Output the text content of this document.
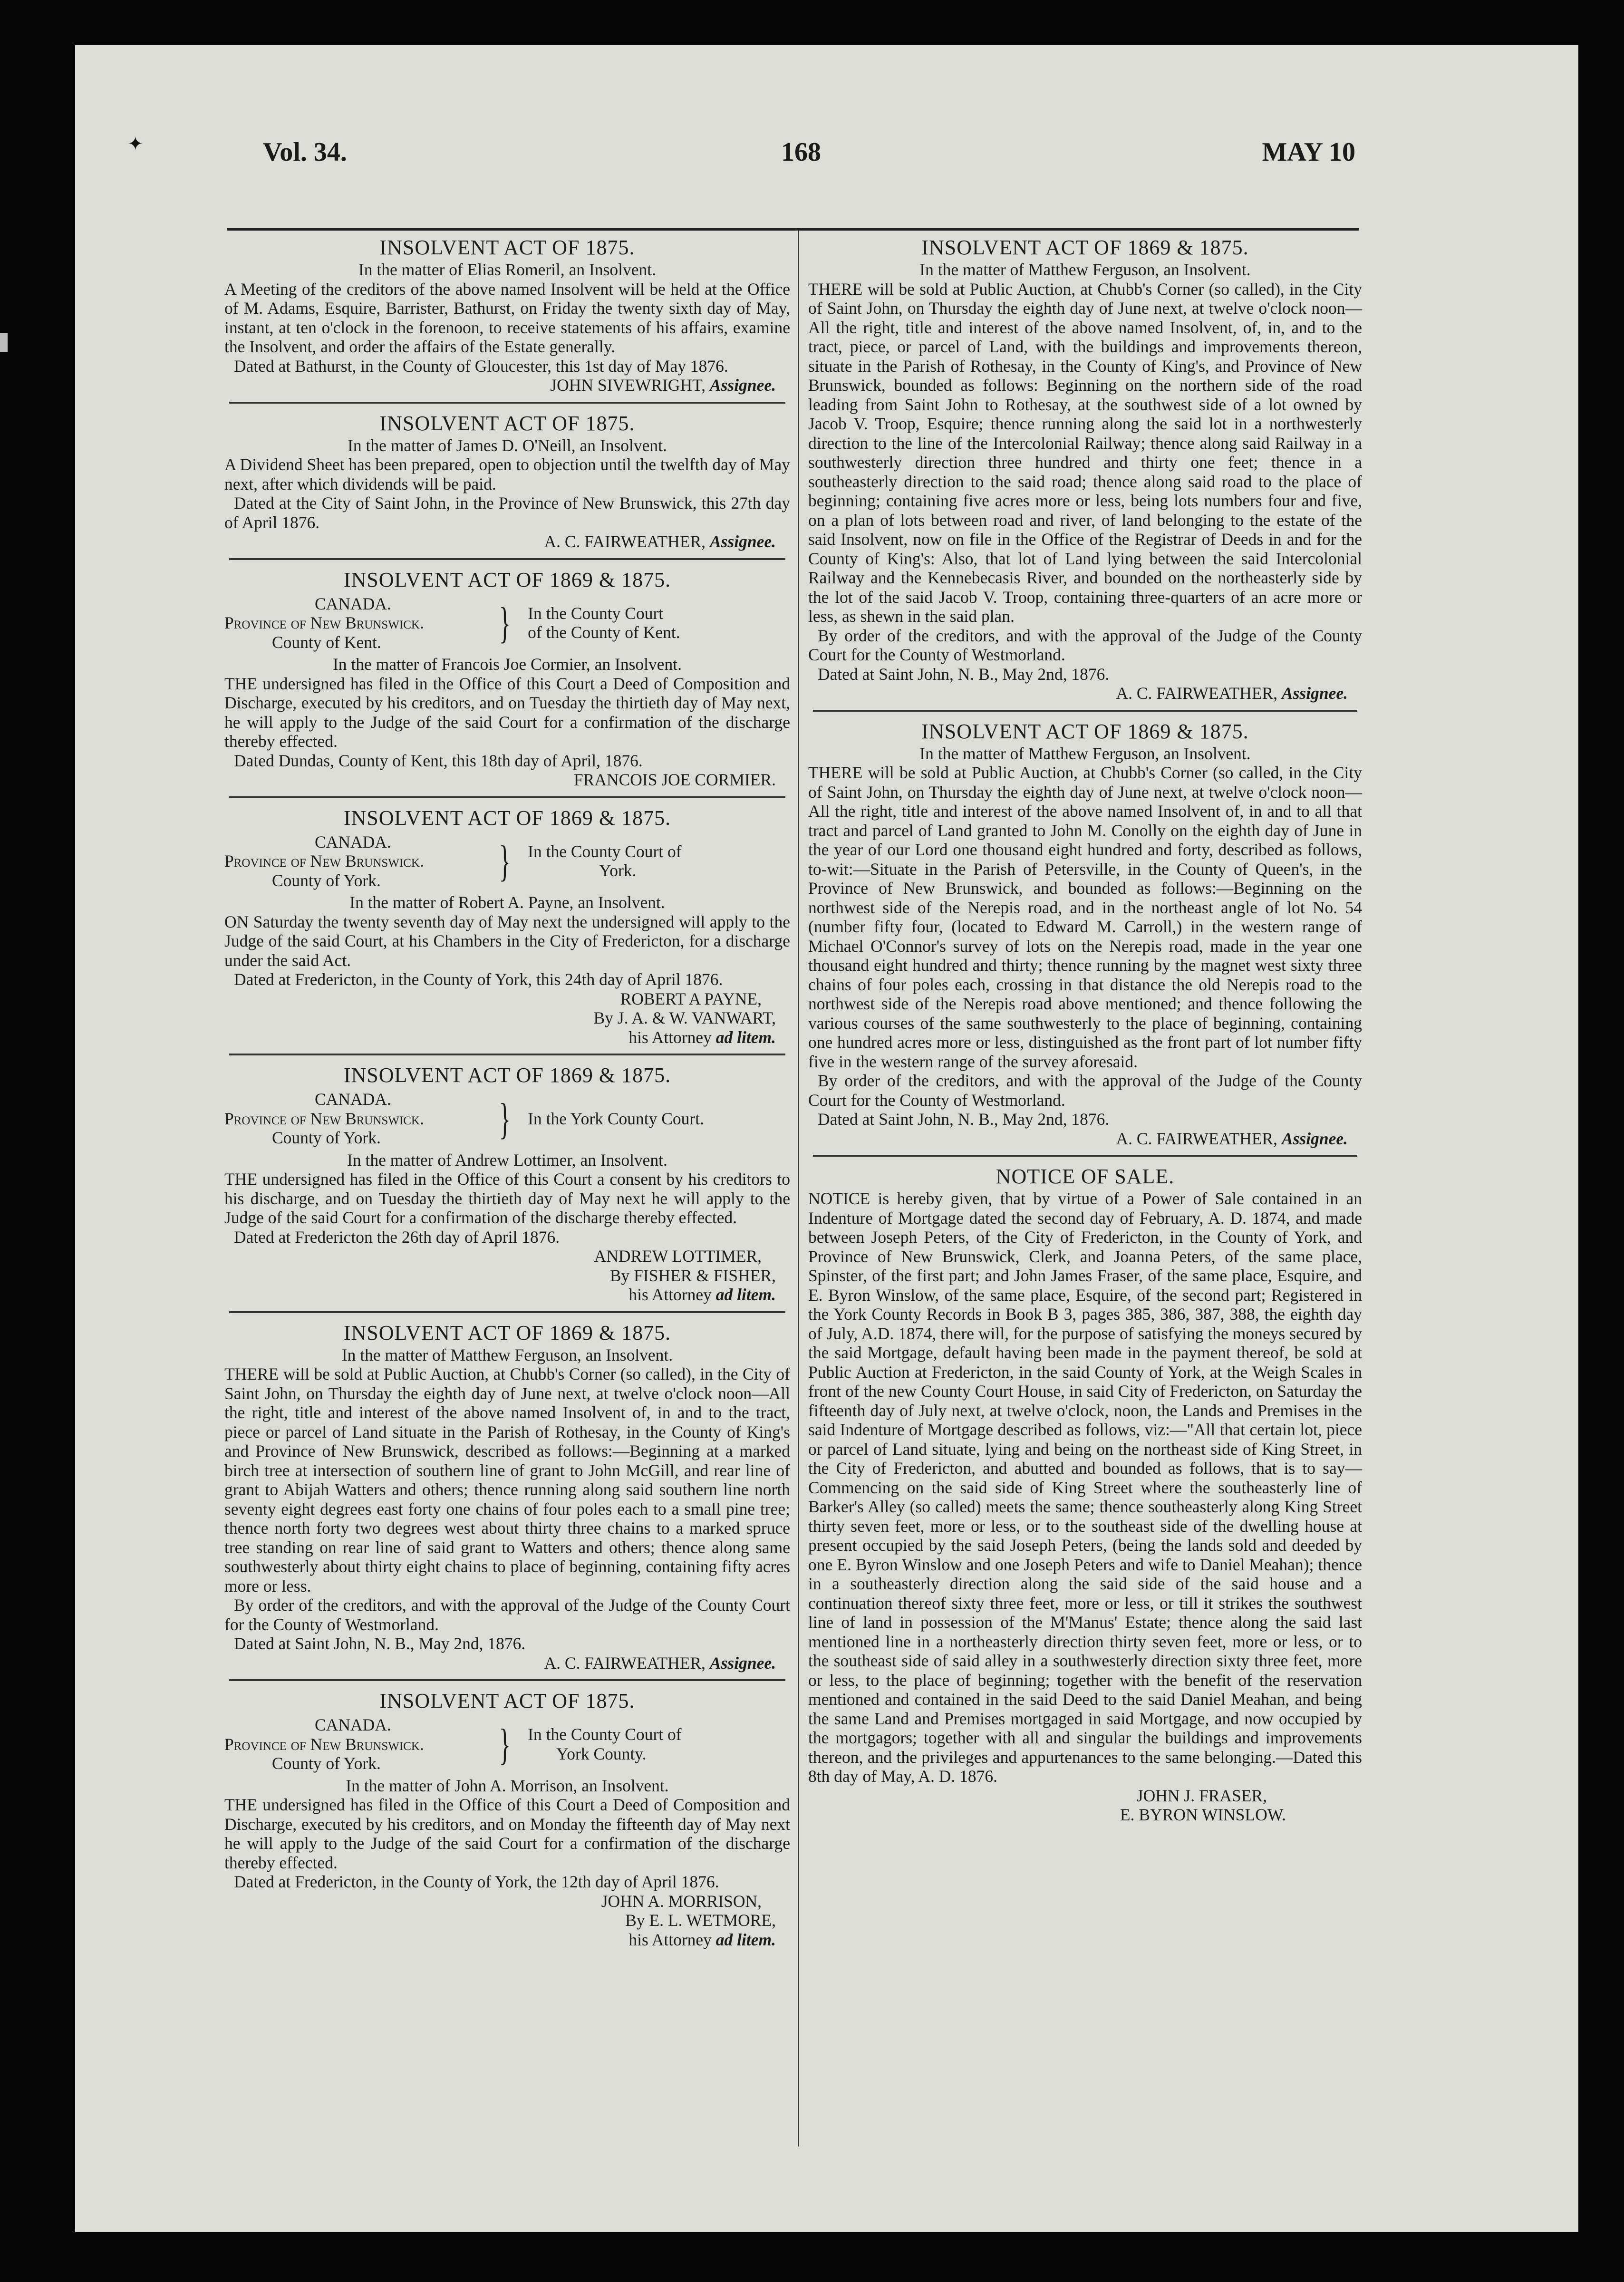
✦	Vol. 34.	168	MAY 10
INSOLVENT ACT OF 1875.
In the matter of Elias Romeril, an Insolvent.
A Meeting of the creditors of the above named Insolvent will be held at the Office of M. Adams, Esquire, Barrister, Bathurst, on Friday the twenty sixth day of May, instant, at ten o'clock in the forenoon, to receive statements of his affairs, examine the Insolvent, and order the affairs of the Estate generally.
Dated at Bathurst, in the County of Gloucester, this 1st day of May 1876.
JOHN SIVEWRIGHT, Assignee.
INSOLVENT ACT OF 1875.
In the matter of James D. O'Neill, an Insolvent.
A Dividend Sheet has been prepared, open to objection until the twelfth day of May next, after which dividends will be paid.
Dated at the City of Saint John, in the Province of New Brunswick, this 27th day of April 1876.
A. C. FAIRWEATHER, Assignee.
INSOLVENT ACT OF 1869 & 1875.
CANADA.
Province of New Brunswick.
County of Kent.	}	In the County Court
of the County of Kent.
In the matter of Francois Joe Cormier, an Insolvent.
THE undersigned has filed in the Office of this Court a Deed of Composition and Discharge, executed by his creditors, and on Tuesday the thirtieth day of May next, he will apply to the Judge of the said Court for a confirmation of the discharge thereby effected.
Dated Dundas, County of Kent, this 18th day of April, 1876.
FRANCOIS JOE CORMIER.
INSOLVENT ACT OF 1869 & 1875.
CANADA.
Province of New Brunswick.
County of York.	}	In the County Court of
York.
In the matter of Robert A. Payne, an Insolvent.
ON Saturday the twenty seventh day of May next the undersigned will apply to the Judge of the said Court, at his Chambers in the City of Fredericton, for a discharge under the said Act.
Dated at Fredericton, in the County of York, this 24th day of April 1876.
ROBERT A PAYNE,
By J. A. & W. VANWART,
his Attorney ad litem.
INSOLVENT ACT OF 1869 & 1875.
CANADA.
Province of New Brunswick.
County of York.	}	In the York County Court.
In the matter of Andrew Lottimer, an Insolvent.
THE undersigned has filed in the Office of this Court a consent by his creditors to his discharge, and on Tuesday the thirtieth day of May next he will apply to the Judge of the said Court for a confirmation of the discharge thereby effected.
Dated at Fredericton the 26th day of April 1876.
ANDREW LOTTIMER,
By FISHER & FISHER,
his Attorney ad litem.
INSOLVENT ACT OF 1869 & 1875.
In the matter of Matthew Ferguson, an Insolvent.
THERE will be sold at Public Auction, at Chubb's Corner (so called), in the City of Saint John, on Thursday the eighth day of June next, at twelve o'clock noon—All the right, title and interest of the above named Insolvent of, in and to the tract, piece or parcel of Land situate in the Parish of Rothesay, in the County of King's and Province of New Brunswick, described as follows:—Beginning at a marked birch tree at intersection of southern line of grant to John McGill, and rear line of grant to Abijah Watters and others; thence running along said southern line north seventy eight degrees east forty one chains of four poles each to a small pine tree; thence north forty two degrees west about thirty three chains to a marked spruce tree standing on rear line of said grant to Watters and others; thence along same southwesterly about thirty eight chains to place of beginning, containing fifty acres more or less.
By order of the creditors, and with the approval of the Judge of the County Court for the County of Westmorland.
Dated at Saint John, N. B., May 2nd, 1876.
A. C. FAIRWEATHER, Assignee.
INSOLVENT ACT OF 1875.
CANADA.
Province of New Brunswick.
County of York.	}	In the County Court of
York County.
In the matter of John A. Morrison, an Insolvent.
THE undersigned has filed in the Office of this Court a Deed of Composition and Discharge, executed by his creditors, and on Monday the fifteenth day of May next he will apply to the Judge of the said Court for a confirmation of the discharge thereby effected.
Dated at Fredericton, in the County of York, the 12th day of April 1876.
JOHN A. MORRISON,
By E. L. WETMORE,
his Attorney ad litem.
INSOLVENT ACT OF 1869 & 1875.
In the matter of Matthew Ferguson, an Insolvent.
THERE will be sold at Public Auction, at Chubb's Corner (so called), in the City of Saint John, on Thursday the eighth day of June next, at twelve o'clock noon—All the right, title and interest of the above named Insolvent, of, in, and to the tract, piece, or parcel of Land, with the buildings and improvements thereon, situate in the Parish of Rothesay, in the County of King's, and Province of New Brunswick, bounded as follows: Beginning on the northern side of the road leading from Saint John to Rothesay, at the southwest side of a lot owned by Jacob V. Troop, Esquire; thence running along the said lot in a northwesterly direction to the line of the Intercolonial Railway; thence along said Railway in a southwesterly direction three hundred and thirty one feet; thence in a southeasterly direction to the said road; thence along said road to the place of beginning; containing five acres more or less, being lots numbers four and five, on a plan of lots between road and river, of land belonging to the estate of the said Insolvent, now on file in the Office of the Registrar of Deeds in and for the County of King's: Also, that lot of Land lying between the said Intercolonial Railway and the Kennebecasis River, and bounded on the northeasterly side by the lot of the said Jacob V. Troop, containing three-quarters of an acre more or less, as shewn in the said plan.
By order of the creditors, and with the approval of the Judge of the County Court for the County of Westmorland.
Dated at Saint John, N. B., May 2nd, 1876.
A. C. FAIRWEATHER, Assignee.
INSOLVENT ACT OF 1869 & 1875.
In the matter of Matthew Ferguson, an Insolvent.
THERE will be sold at Public Auction, at Chubb's Corner (so called, in the City of Saint John, on Thursday the eighth day of June next, at twelve o'clock noon—All the right, title and interest of the above named Insolvent of, in and to all that tract and parcel of Land granted to John M. Conolly on the eighth day of June in the year of our Lord one thousand eight hundred and forty, described as follows, to-wit:—Situate in the Parish of Petersville, in the County of Queen's, in the Province of New Brunswick, and bounded as follows:—Beginning on the northwest side of the Nerepis road, and in the northeast angle of lot No. 54 (number fifty four, (located to Edward M. Carroll,) in the western range of Michael O'Connor's survey of lots on the Nerepis road, made in the year one thousand eight hundred and thirty; thence running by the magnet west sixty three chains of four poles each, crossing in that distance the old Nerepis road to the northwest side of the Nerepis road above mentioned; and thence following the various courses of the same southwesterly to the place of beginning, containing one hundred acres more or less, distinguished as the front part of lot number fifty five in the western range of the survey aforesaid.
By order of the creditors, and with the approval of the Judge of the County Court for the County of Westmorland.
Dated at Saint John, N. B., May 2nd, 1876.
A. C. FAIRWEATHER, Assignee.
NOTICE OF SALE.
NOTICE is hereby given, that by virtue of a Power of Sale contained in an Indenture of Mortgage dated the second day of February, A. D. 1874, and made between Joseph Peters, of the City of Fredericton, in the County of York, and Province of New Brunswick, Clerk, and Joanna Peters, of the same place, Spinster, of the first part; and John James Fraser, of the same place, Esquire, and E. Byron Winslow, of the same place, Esquire, of the second part; Registered in the York County Records in Book B 3, pages 385, 386, 387, 388, the eighth day of July, A.D. 1874, there will, for the purpose of satisfying the moneys secured by the said Mortgage, default having been made in the payment thereof, be sold at Public Auction at Fredericton, in the said County of York, at the Weigh Scales in front of the new County Court House, in said City of Fredericton, on Saturday the fifteenth day of July next, at twelve o'clock, noon, the Lands and Premises in the said Indenture of Mortgage described as follows, viz:—"All that certain lot, piece or parcel of Land situate, lying and being on the northeast side of King Street, in the City of Fredericton, and abutted and bounded as follows, that is to say—Commencing on the said side of King Street where the southeasterly line of Barker's Alley (so called) meets the same; thence southeasterly along King Street thirty seven feet, more or less, or to the southeast side of the dwelling house at present occupied by the said Joseph Peters, (being the lands sold and deeded by one E. Byron Winslow and one Joseph Peters and wife to Daniel Meahan); thence in a southeasterly direction along the said side of the said house and a continuation thereof sixty three feet, more or less, or till it strikes the southwest line of land in possession of the M'Manus' Estate; thence along the said last mentioned line in a northeasterly direction thirty seven feet, more or less, or to the southeast side of said alley in a southwesterly direction sixty three feet, more or less, to the place of beginning; together with the benefit of the reservation mentioned and contained in the said Deed to the said Daniel Meahan, and being the same Land and Premises mortgaged in said Mortgage, and now occupied by the mortgagors; together with all and singular the buildings and improvements thereon, and the privileges and appurtenances to the same belonging.—Dated this 8th day of May, A. D. 1876.
JOHN J. FRASER,
E. BYRON WINSLOW.
